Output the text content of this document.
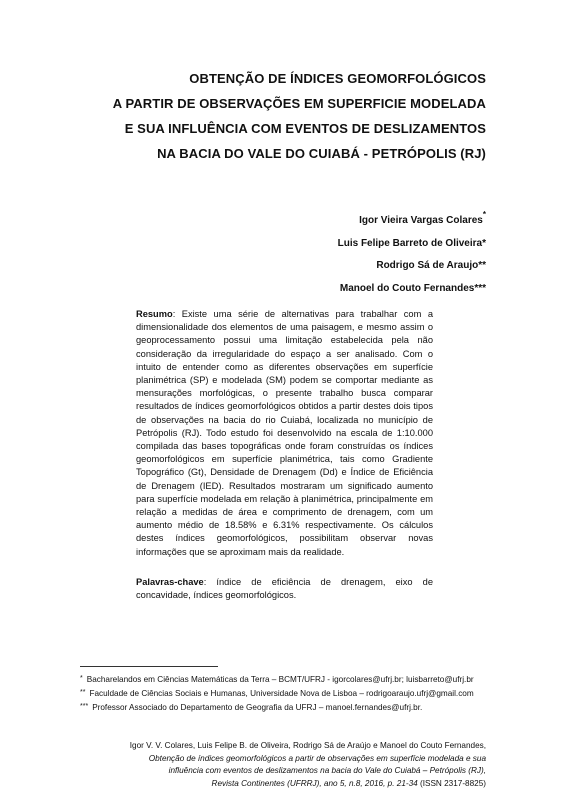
OBTENÇÃO DE ÍNDICES GEOMORFOLÓGICOS
A PARTIR DE OBSERVAÇÕES EM SUPERFICIE MODELADA
E SUA INFLUÊNCIA COM EVENTOS DE DESLIZAMENTOS
NA BACIA DO VALE DO CUIABÁ - PETRÓPOLIS (RJ)
Igor Vieira Vargas Colares*
Luis Felipe Barreto de Oliveira*
Rodrigo Sá de Araujo**
Manoel do Couto Fernandes***
Resumo: Existe uma série de alternativas para trabalhar com a dimensionalidade dos elementos de uma paisagem, e mesmo assim o geoprocessamento possui uma limitação estabelecida pela não consideração da irregularidade do espaço a ser analisado. Com o intuito de entender como as diferentes observações em superfície planimétrica (SP) e modelada (SM) podem se comportar mediante as mensurações morfológicas, o presente trabalho busca comparar resultados de índices geomorfológicos obtidos a partir destes dois tipos de observações na bacia do rio Cuiabá, localizada no município de Petrópolis (RJ). Todo estudo foi desenvolvido na escala de 1:10.000 compilada das bases topográficas onde foram construídas os índices geomorfológicos em superfície planimétrica, tais como Gradiente Topográfico (Gt), Densidade de Drenagem (Dd) e Índice de Eficiência de Drenagem (IED). Resultados mostraram um significado aumento para superfície modelada em relação à planimétrica, principalmente em relação a medidas de área e comprimento de drenagem, com um aumento médio de 18.58% e 6.31% respectivamente. Os cálculos destes índices geomorfológicos, possibilitam observar novas informações que se aproximam mais da realidade.
Palavras-chave: índice de eficiência de drenagem, eixo de concavidade, índices geomorfológicos.

* Bacharelandos em Ciências Matemáticas da Terra – BCMT/UFRJ - igorcolares@ufrj.br; luisbarreto@ufrj.br

** Faculdade de Ciências Sociais e Humanas, Universidade Nova de Lisboa – rodrigoaraujo.ufrj@gmail.com

*** Professor Associado do Departamento de Geografia da UFRJ – manoel.fernandes@ufrj.br.

Igor V. V. Colares, Luis Felipe B. de Oliveira, Rodrigo Sá de Araújo e Manoel do Couto Fernandes,
Obtenção de índices geomorfológicos a partir de observações em superfície modelada e sua
influência com eventos de deslizamentos na bacia do Vale do Cuiabá – Petrópolis (RJ),
Revista Continentes (UFRRJ), ano 5, n.8, 2016, p. 21-34 (ISSN 2317-8825)
